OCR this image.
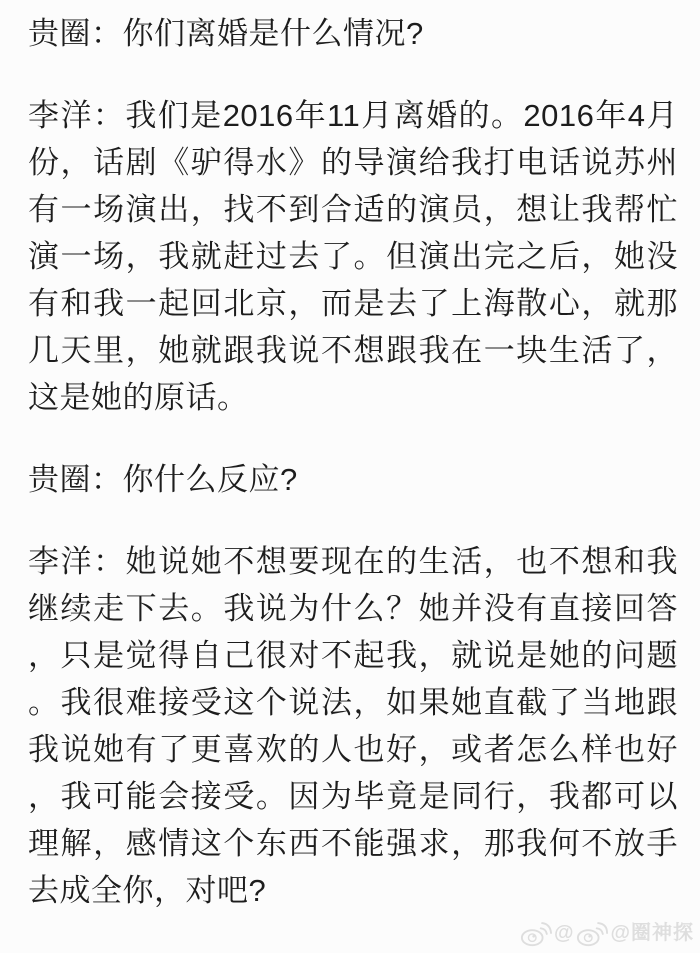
贵圈：你们离婚是什么情况?

李洋：我们是2016年11月离婚的。2016年4月份，话剧《驴得水》的导演给我打电话说苏州有一场演出，找不到合适的演员，想让我帮忙演一场，我就赶过去了。但演出完之后，她没有和我一起回北京，而是去了上海散心，就那几天里，她就跟我说不想跟我在一块生活了，这是她的原话。

贵圈：你什么反应?

李洋：她说她不想要现在的生活，也不想和我继续走下去。我说为什么？她并没有直接回答，只是觉得自己很对不起我，就说是她的问题。我很难接受这个说法，如果她直截了当地跟我说她有了更喜欢的人也好，或者怎么样也好，我可能会接受。因为毕竟是同行，我都可以理解，感情这个东西不能强求，那我何不放手去成全你，对吧?

@ @圈神探
